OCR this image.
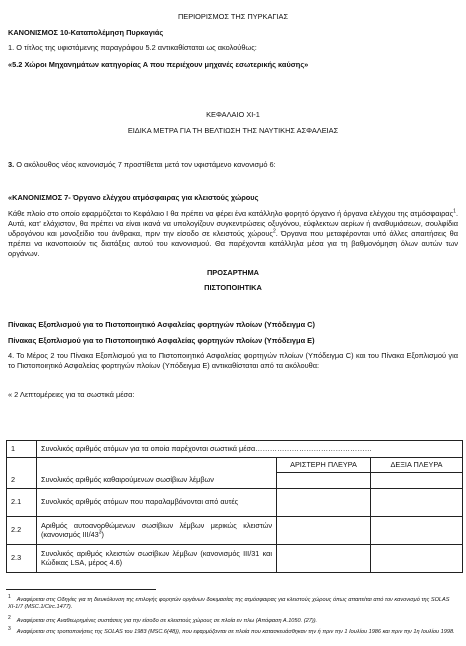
ΠΕΡΙΟΡΙΣΜΟΣ ΤΗΣ ΠΥΡΚΑΓΙΑΣ
ΚΑΝΟΝΙΣΜΟΣ 10-Καταπολέμηση Πυρκαγιάς
1. Ο τίτλος της υφιστάμενης παραγράφου 5.2 αντικαθίσταται ως ακολούθως:
«5.2 Χώροι Μηχανημάτων κατηγορίας Α που περιέχουν μηχανές εσωτερικής καύσης»
ΚΕΦΑΛΑΙΟ XI-1
ΕΙΔΙΚΑ ΜΕΤΡΑ ΓΙΑ ΤΗ ΒΕΛΤΙΩΣΗ ΤΗΣ ΝΑΥΤΙΚΗΣ ΑΣΦΑΛΕΙΑΣ
3. Ο ακόλουθος νέος κανονισμός 7 προστίθεται μετά τον υφιστάμενο κανονισμό 6:
«ΚΑΝΟΝΙΣΜΟΣ 7- Όργανο ελέγχου ατμόσφαιρας για κλειστούς χώρους
Κάθε πλοίο στο οποίο εφαρμόζεται το Κεφάλαιο Ι θα πρέπει να φέρει ένα κατάλληλο φορητό όργανο ή όργανα ελέγχου της ατμόσφαιρας$^1$. Αυτά, κατ' ελάχιστον, θα πρέπει να είναι ικανά να υπολογίζουν συγκεντρώσεις οξυγόνου, εύφλεκτων αερίων ή αναθυμιάσεων, σουλφίδια υδρογόνου και μονοξείδιο του άνθρακα, πριν την είσοδο σε κλειστούς χώρους$^2$. Όργανα που μεταφέρονται υπό άλλες απαιτήσεις θα πρέπει να ικανοποιούν τις διατάξεις αυτού του κανονισμού. Θα παρέχονται κατάλληλα μέσα για τη βαθμονόμηση όλων αυτών των οργάνων.
ΠΡΟΣΑΡΤΗΜΑ
ΠΙΣΤΟΠΟΙΗΤΙΚΑ
Πίνακας Εξοπλισμού για το Πιστοποιητικό Ασφαλείας φορτηγών πλοίων (Υπόδειγμα C)
Πίνακας Εξοπλισμού για το Πιστοποιητικό Ασφαλείας φορτηγών πλοίων (Υπόδειγμα E)
4. Το Μέρος 2 του Πίνακα Εξοπλισμού για το Πιστοποιητικό Ασφαλείας φορτηγών πλοίων (Υπόδειγμα C) και του Πίνακα Εξοπλισμού για το Πιστοποιητικό Ασφαλείας φορτηγών πλοίων (Υπόδειγμα Ε) αντικαθίσταται από τα ακόλουθα:
« 2 Λεπτομέρειες για τα σωστικά μέσα:
1	Συνολικός αριθμός ατόμων για τα οποία παρέχονται σωστικά μέσα…………………………………………		
		ΑΡΙΣΤΕΡΗ ΠΛΕΥΡΑ	ΔΕΞΙΑ ΠΛΕΥΡΑ
2	Συνολικός αριθμός καθαιρούμενων σωσίβιων λέμβων		
2.1	Συνολικός αριθμός ατόμων που παραλαμβάνονται από αυτές		
2.2	Αριθμός αυτοανορθώμενων σωσίβιων λέμβων μερικώς κλειστών (κανονισμός III/$43^3$)		
2.3	Συνολικός αριθμός κλειστών σωσίβιων λέμβων (κανονισμός III/31 και Κώδικας LSA, μέρος 4.6)		
1 Αναφέρεται στις Οδηγίες για τη διευκόλυνση της επιλογής φορητών οργάνων δοκιμασίας της ατμόσφαιρας για κλειστούς χώρους όπως απαιτείται από τον κανονισμό της SOLAS XI-1/7 (MSC.1/Circ.1477).
2 Αναφέρεται στις Αναθεωρημένες συστάσεις για την είσοδο σε κλειστούς χώρους σε πλοία εν πλω (Απόφαση Α.1050. (27)).
3 Αναφέρεται στις τροποποιήσεις της SOLAS του 1983 (MSC.6(48)), που εφαρμόζονται σε πλοία που κατασκευάσθηκαν την ή πριν την 1 Ιουλίου 1986 και πριν την 1η Ιουλίου 1998.
